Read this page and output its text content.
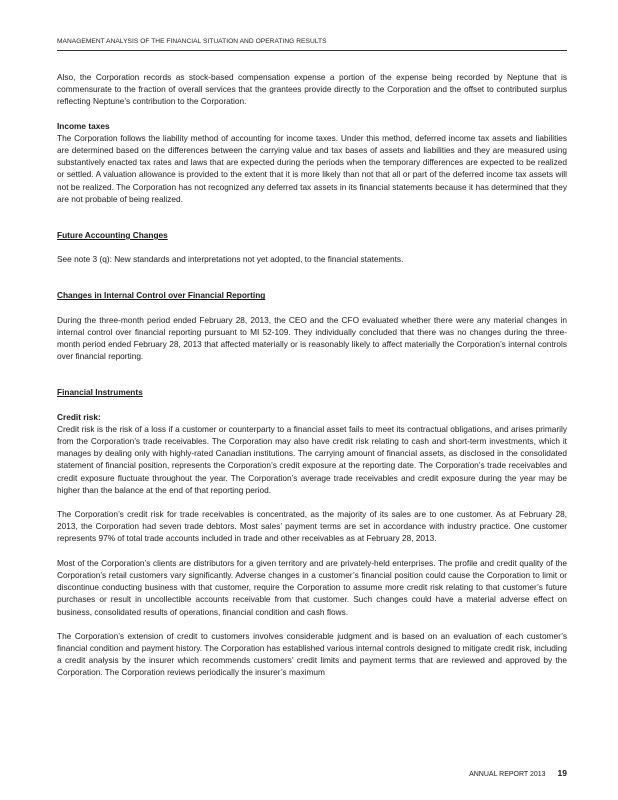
MANAGEMENT ANALYSIS OF THE FINANCIAL SITUATION AND OPERATING RESULTS

Also, the Corporation records as stock-based compensation expense a portion of the expense being recorded by Neptune that is commensurate to the fraction of overall services that the grantees provide directly to the Corporation and the offset to contributed surplus reflecting Neptune’s contribution to the Corporation.

Income taxes

The Corporation follows the liability method of accounting for income taxes. Under this method, deferred income tax assets and liabilities are determined based on the differences between the carrying value and tax bases of assets and liabilities and they are measured using substantively enacted tax rates and laws that are expected during the periods when the temporary differences are expected to be realized or settled. A valuation allowance is provided to the extent that it is more likely than not that all or part of the deferred income tax assets will not be realized. The Corporation has not recognized any deferred tax assets in its financial statements because it has determined that they are not probable of being realized.

Future Accounting Changes

See note 3 (q): New standards and interpretations not yet adopted, to the financial statements.

Changes in Internal Control over Financial Reporting

During the three-month period ended February 28, 2013, the CEO and the CFO evaluated whether there were any material changes in internal control over financial reporting pursuant to MI 52-109. They individually concluded that there was no changes during the three-month period ended February 28, 2013 that affected materially or is reasonably likely to affect materially the Corporation’s internal controls over financial reporting.

Financial Instruments

Credit risk:

Credit risk is the risk of a loss if a customer or counterparty to a financial asset fails to meet its contractual obligations, and arises primarily from the Corporation’s trade receivables. The Corporation may also have credit risk relating to cash and short-term investments, which it manages by dealing only with highly-rated Canadian institutions. The carrying amount of financial assets, as disclosed in the consolidated statement of financial position, represents the Corporation’s credit exposure at the reporting date. The Corporation’s trade receivables and credit exposure fluctuate throughout the year. The Corporation’s average trade receivables and credit exposure during the year may be higher than the balance at the end of that reporting period.

The Corporation’s credit risk for trade receivables is concentrated, as the majority of its sales are to one customer. As at February 28, 2013, the Corporation had seven trade debtors. Most sales’ payment terms are set in accordance with industry practice. One customer represents 97% of total trade accounts included in trade and other receivables as at February 28, 2013.

Most of the Corporation’s clients are distributors for a given territory and are privately-held enterprises. The profile and credit quality of the Corporation’s retail customers vary significantly. Adverse changes in a customer’s financial position could cause the Corporation to limit or discontinue conducting business with that customer, require the Corporation to assume more credit risk relating to that customer’s future purchases or result in uncollectible accounts receivable from that customer. Such changes could have a material adverse effect on business, consolidated results of operations, financial condition and cash flows.

The Corporation’s extension of credit to customers involves considerable judgment and is based on an evaluation of each customer’s financial condition and payment history. The Corporation has established various internal controls designed to mitigate credit risk, including a credit analysis by the insurer which recommends customers’ credit limits and payment terms that are reviewed and approved by the Corporation. The Corporation reviews periodically the insurer’s maximum

ANNUAL REPORT 2013 19
